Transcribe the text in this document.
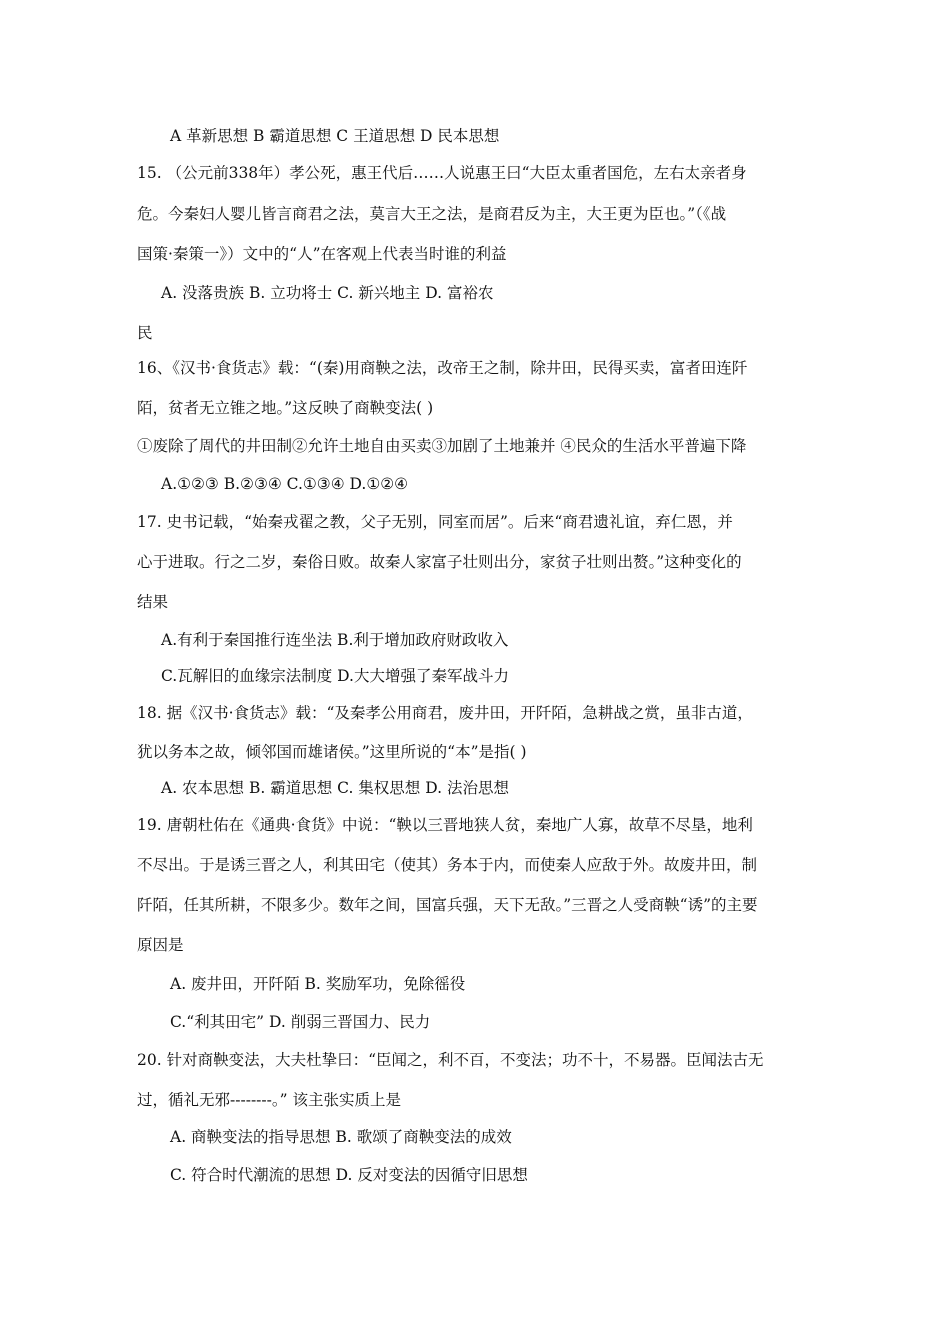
A 革新思想 B 霸道思想 C 王道思想 D 民本思想
15. （公元前338年）孝公死，惠王代后……人说惠王曰“大臣太重者国危，左右太亲者身
危。今秦妇人婴儿皆言商君之法，莫言大王之法，是商君反为主，大王更为臣也。”（《战
国策·秦策一》）文中的“人”在客观上代表当时谁的利益
A. 没落贵族 B. 立功将士 C. 新兴地主 D. 富裕农
民
16、《汉书·食货志》载：“(秦)用商鞅之法，改帝王之制，除井田，民得买卖，富者田连阡
陌，贫者无立锥之地。”这反映了商鞅变法( )
①废除了周代的井田制②允许土地自由买卖③加剧了土地兼并 ④民众的生活水平普遍下降
A.①②③ B.②③④ C.①③④ D.①②④
17. 史书记载，“始秦戎翟之教，父子无别，同室而居”。后来“商君遗礼谊，弃仁恩，并
心于进取。行之二岁，秦俗日败。故秦人家富子壮则出分，家贫子壮则出赘。”这种变化的
结果
A.有利于秦国推行连坐法 B.利于增加政府财政收入
C.瓦解旧的血缘宗法制度 D.大大增强了秦军战斗力
18. 据《汉书·食货志》载：“及秦孝公用商君，废井田，开阡陌，急耕战之赏，虽非古道，
犹以务本之故，倾邻国而雄诸侯。”这里所说的“本”是指( )
A. 农本思想 B. 霸道思想 C. 集权思想 D. 法治思想
19. 唐朝杜佑在《通典·食货》中说：“鞅以三晋地狭人贫，秦地广人寡，故草不尽垦，地利
不尽出。于是诱三晋之人，利其田宅（使其）务本于内，而使秦人应敌于外。故废井田，制
阡陌，任其所耕，不限多少。数年之间，国富兵强，天下无敌。”三晋之人受商鞅“诱”的主要
原因是
A. 废井田，开阡陌 B. 奖励军功，免除徭役
C.“利其田宅” D. 削弱三晋国力、民力
20. 针对商鞅变法，大夫杜挚曰：“臣闻之，利不百，不变法；功不十，不易器。臣闻法古无
过，循礼无邪--------。” 该主张实质上是
A. 商鞅变法的指导思想 B. 歌颂了商鞅变法的成效
C. 符合时代潮流的思想 D. 反对变法的因循守旧思想
